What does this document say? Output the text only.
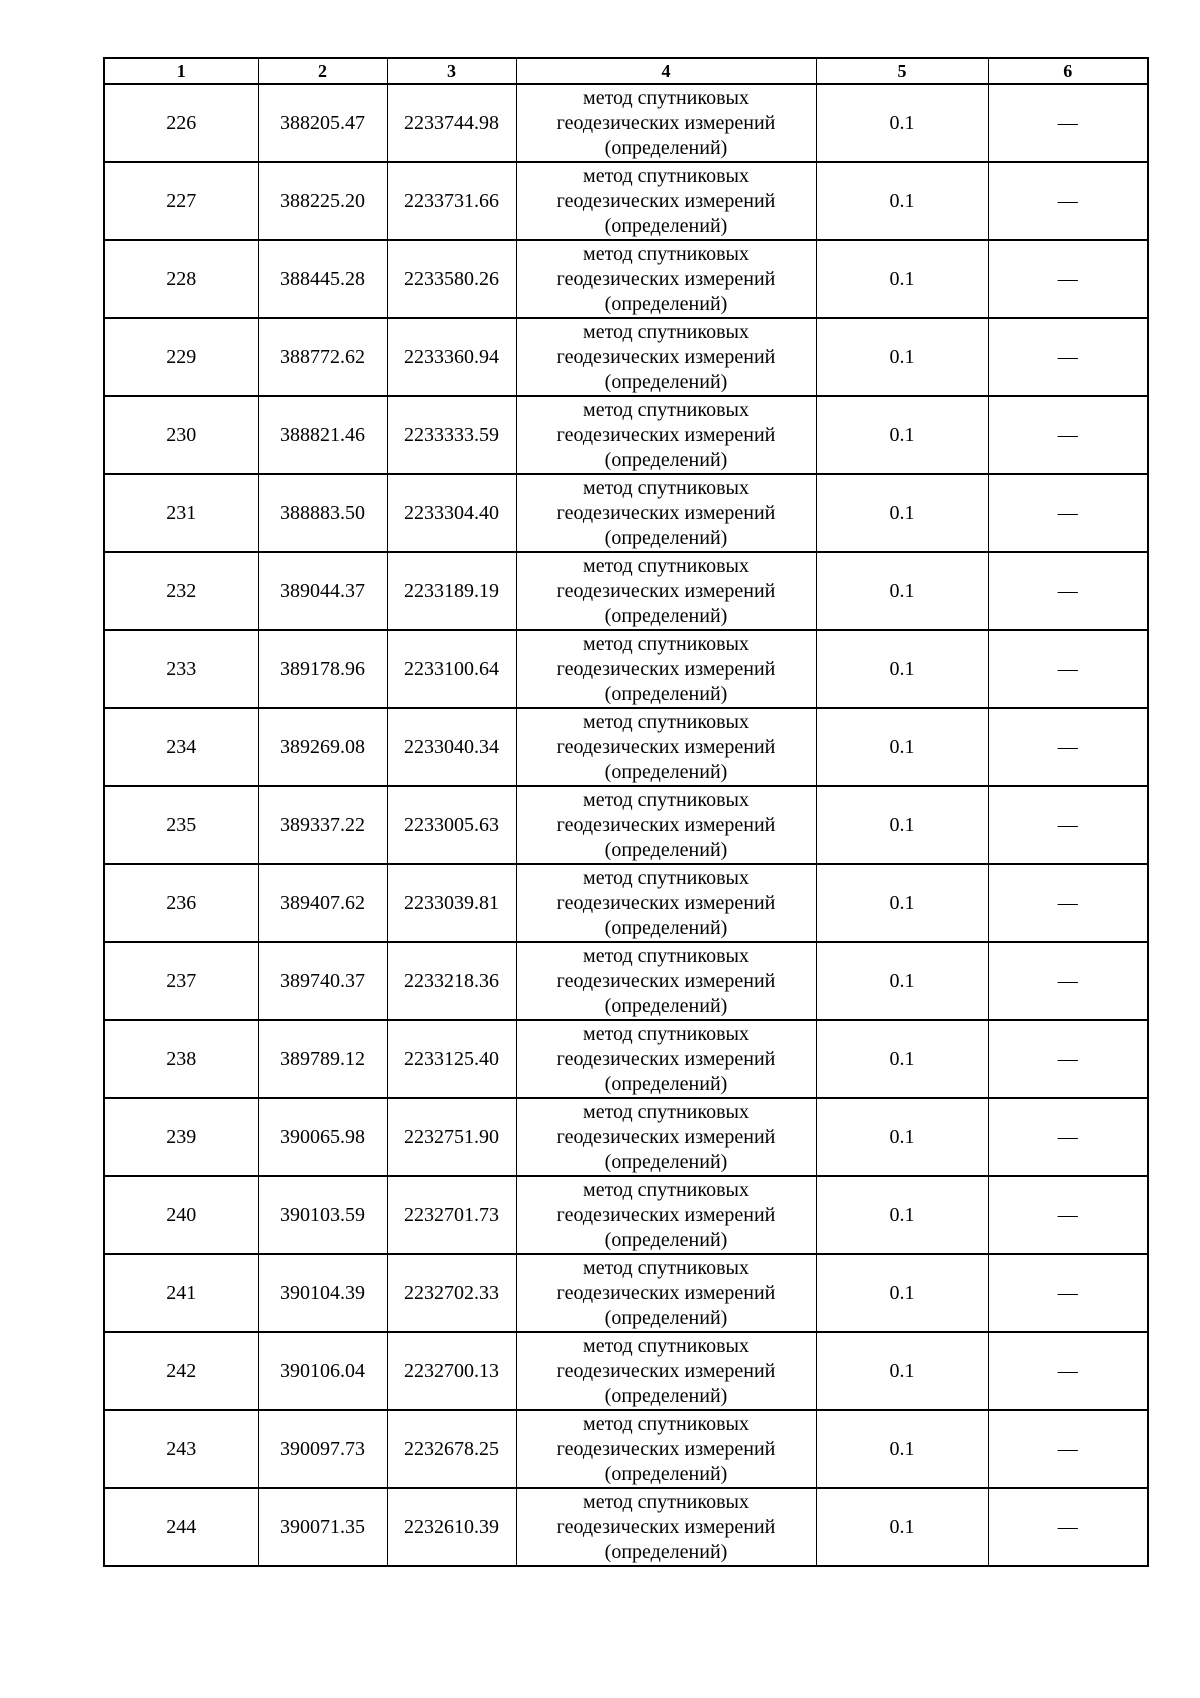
1	2	3	4	5	6
226	388205.47	2233744.98	метод спутниковых
геодезических измерений
(определений)	0.1	—
227	388225.20	2233731.66	метод спутниковых
геодезических измерений
(определений)	0.1	—
228	388445.28	2233580.26	метод спутниковых
геодезических измерений
(определений)	0.1	—
229	388772.62	2233360.94	метод спутниковых
геодезических измерений
(определений)	0.1	—
230	388821.46	2233333.59	метод спутниковых
геодезических измерений
(определений)	0.1	—
231	388883.50	2233304.40	метод спутниковых
геодезических измерений
(определений)	0.1	—
232	389044.37	2233189.19	метод спутниковых
геодезических измерений
(определений)	0.1	—
233	389178.96	2233100.64	метод спутниковых
геодезических измерений
(определений)	0.1	—
234	389269.08	2233040.34	метод спутниковых
геодезических измерений
(определений)	0.1	—
235	389337.22	2233005.63	метод спутниковых
геодезических измерений
(определений)	0.1	—
236	389407.62	2233039.81	метод спутниковых
геодезических измерений
(определений)	0.1	—
237	389740.37	2233218.36	метод спутниковых
геодезических измерений
(определений)	0.1	—
238	389789.12	2233125.40	метод спутниковых
геодезических измерений
(определений)	0.1	—
239	390065.98	2232751.90	метод спутниковых
геодезических измерений
(определений)	0.1	—
240	390103.59	2232701.73	метод спутниковых
геодезических измерений
(определений)	0.1	—
241	390104.39	2232702.33	метод спутниковых
геодезических измерений
(определений)	0.1	—
242	390106.04	2232700.13	метод спутниковых
геодезических измерений
(определений)	0.1	—
243	390097.73	2232678.25	метод спутниковых
геодезических измерений
(определений)	0.1	—
244	390071.35	2232610.39	метод спутниковых
геодезических измерений
(определений)	0.1	—
